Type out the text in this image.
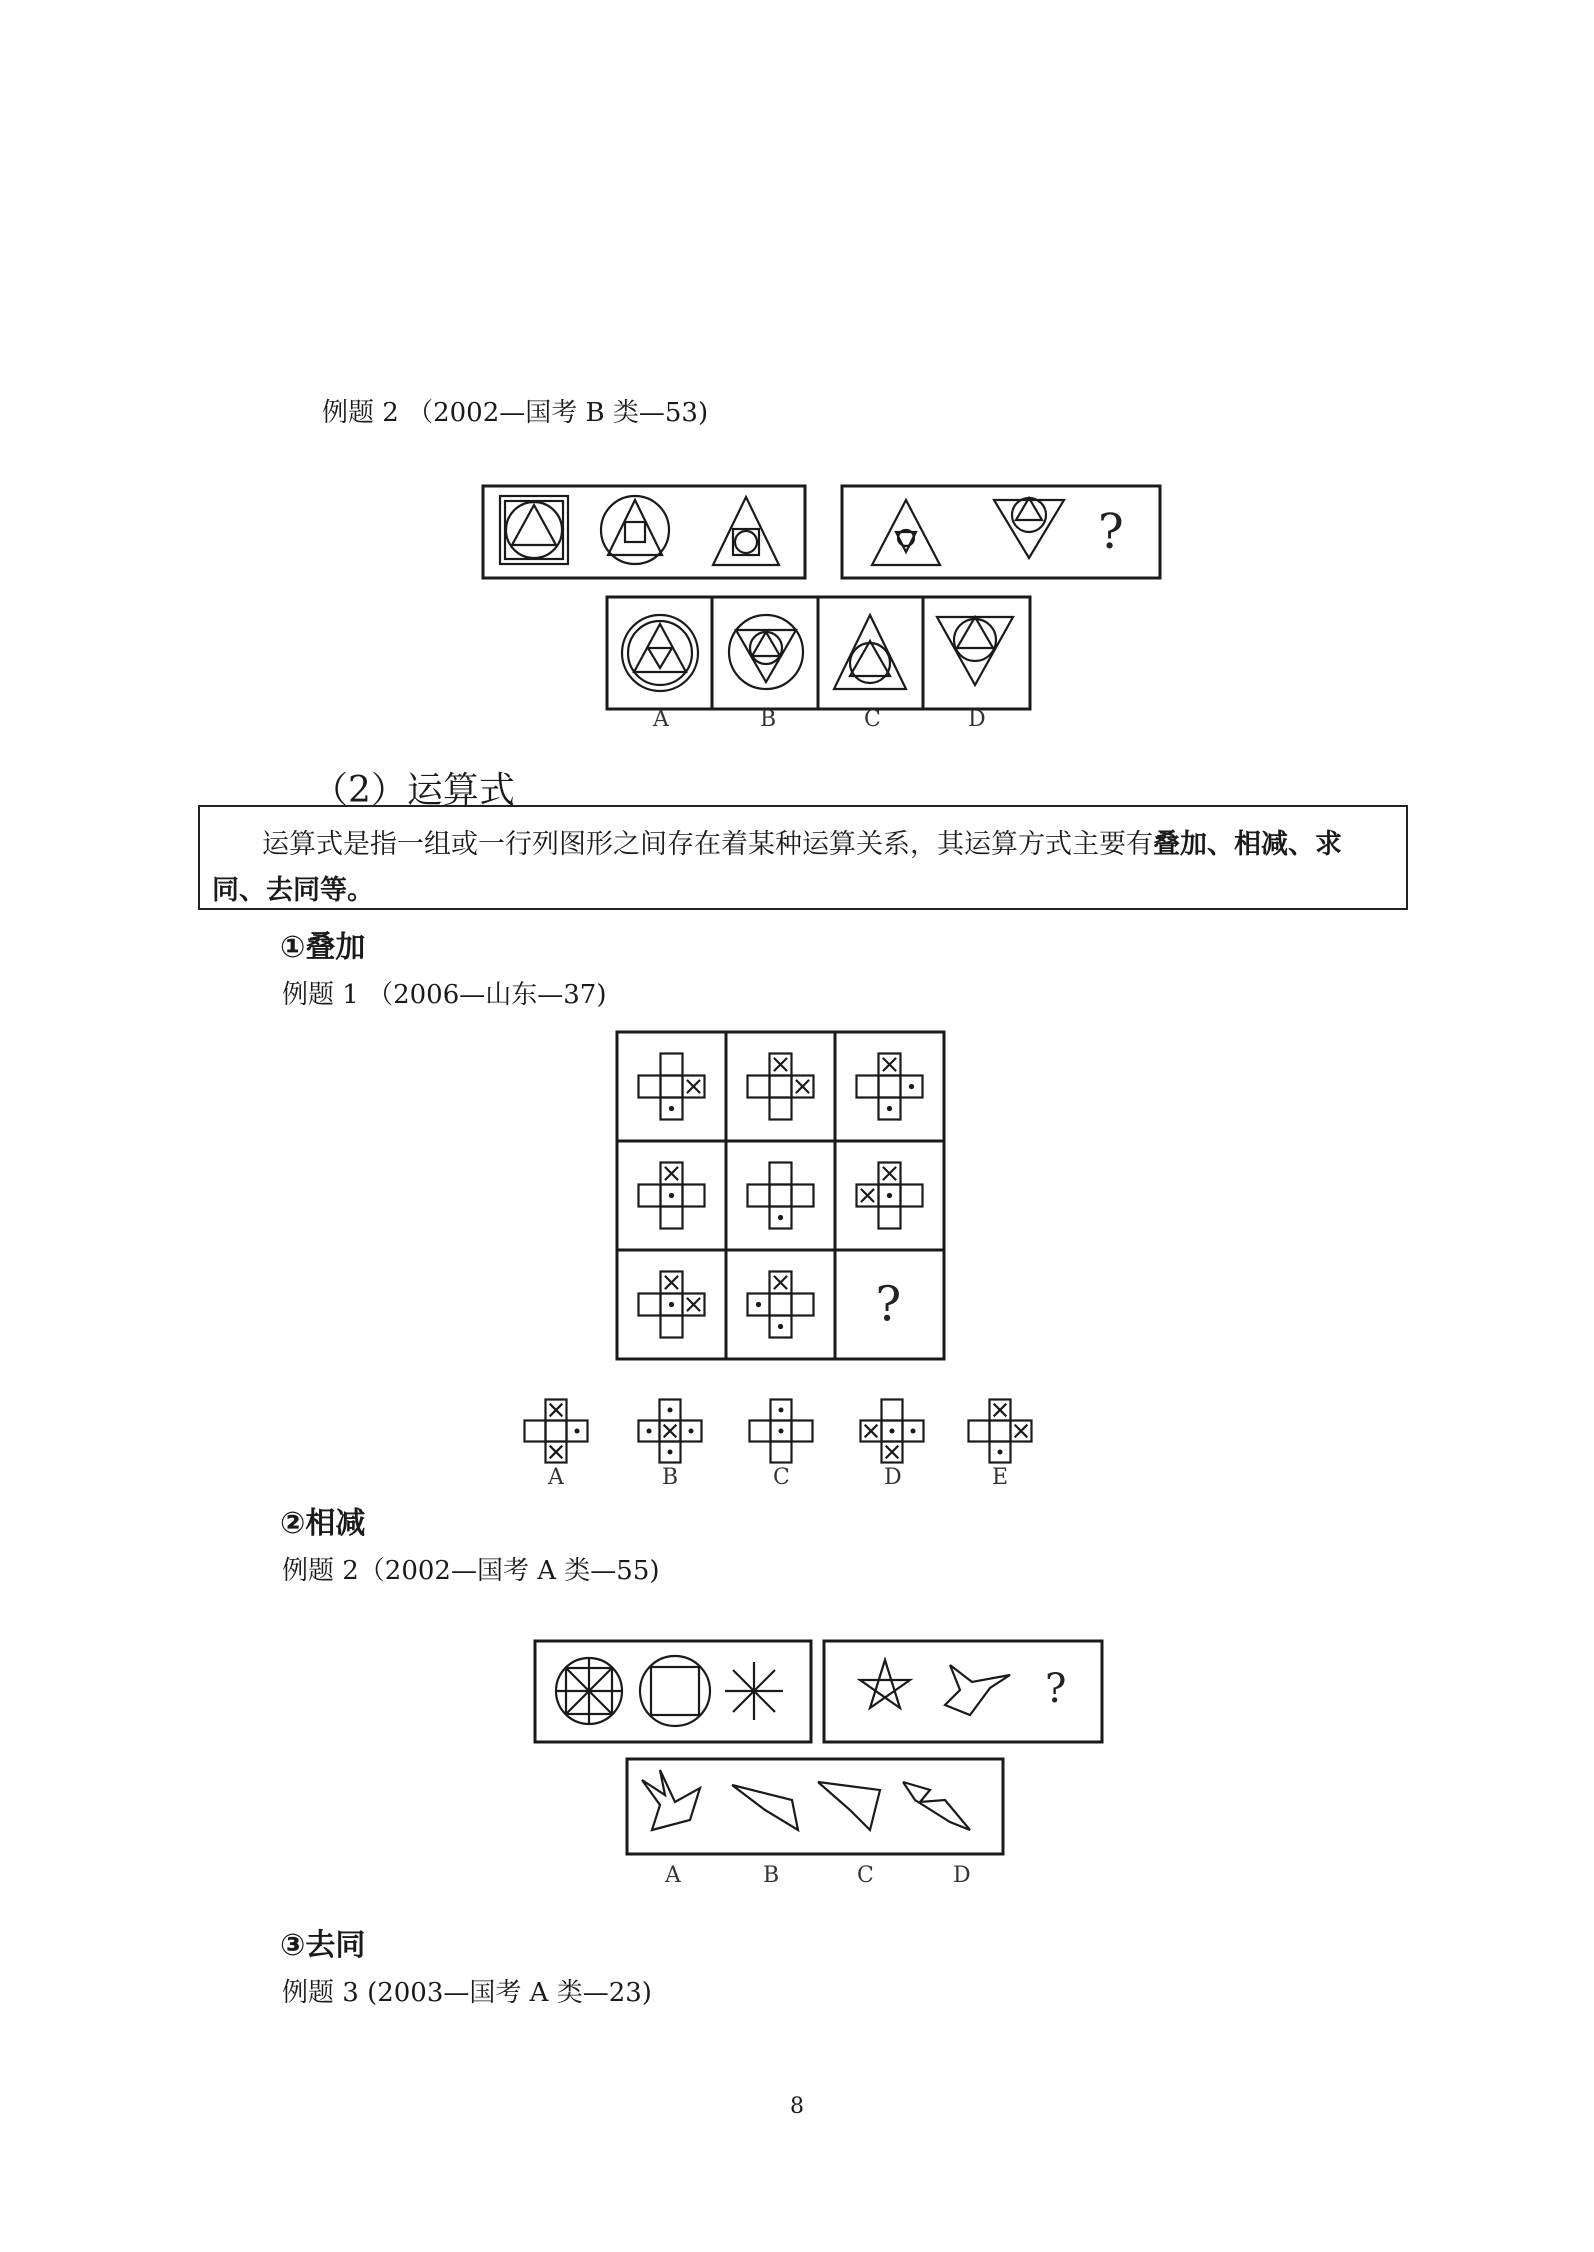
例题 2 （2002—国考 B 类—53)
?
A	B	C	D
（2）运算式
运算式是指一组或一行列图形之间存在着某种运算关系，其运算方式主要有叠加、相减、求
同、去同等。
①叠加
例题 1 （2006—山东—37)
?
A	B	C	D	E
②相减
例题 2（2002—国考 A 类—55)
?
A	B	C	D
③去同
例题 3 (2003—国考 A 类—23)
8
